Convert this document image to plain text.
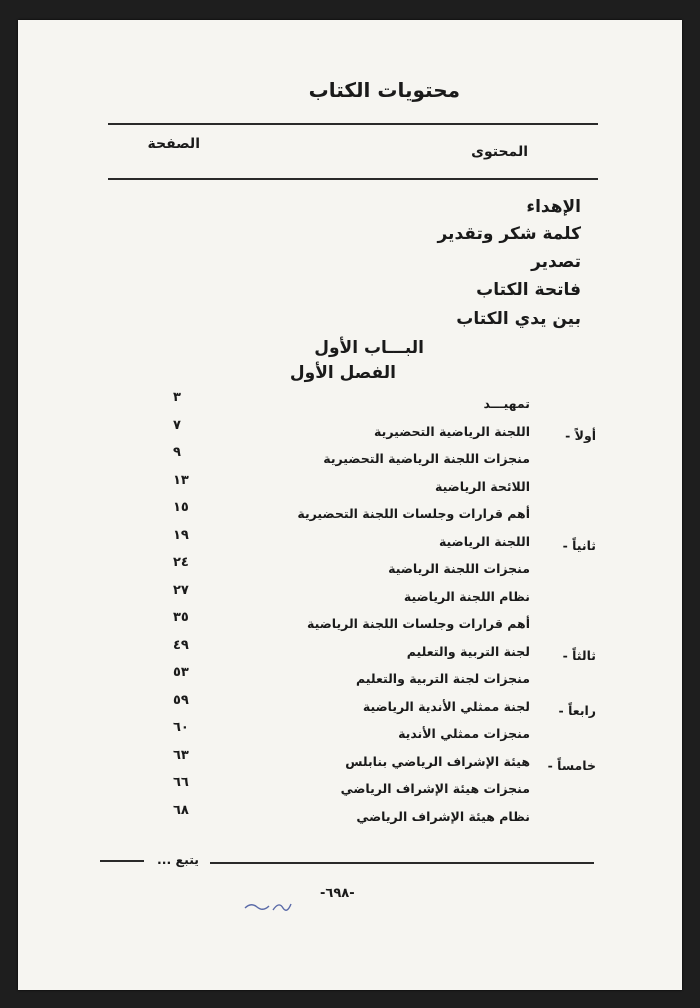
محتويات الكتاب
المحتوى
الصفحة
الإهداء
كلمة شكر وتقدير
تصدير
فاتحة الكتاب
بين يدي الكتاب
البـــاب الأول
الفصل الأول
تمهيـــد
٣
اللجنة الرياضية التحضيرية
٧
أولاً -
منجزات اللجنة الرياضية التحضيرية
٩
اللائحة الرياضية
١٣
أهم قرارات وجلسات اللجنة التحضيرية
١٥
اللجنة الرياضية
١٩
ثانياً -
منجزات اللجنة الرياضية
٢٤
نظام اللجنة الرياضية
٢٧
أهم قرارات وجلسات اللجنة الرياضية
٣٥
لجنة التربية والتعليم
٤٩
ثالثاً -
منجزات لجنة التربية والتعليم
٥٣
لجنة ممثلي الأندية الرياضية
٥٩
رابعاً -
منجزات ممثلي الأندية
٦٠
هيئة الإشراف الرياضي بنابلس
٦٣
خامساً -
منجزات هيئة الإشراف الرياضي
٦٦
نظام هيئة الإشراف الرياضي
٦٨
يتبع ...
-٦٩٨-
